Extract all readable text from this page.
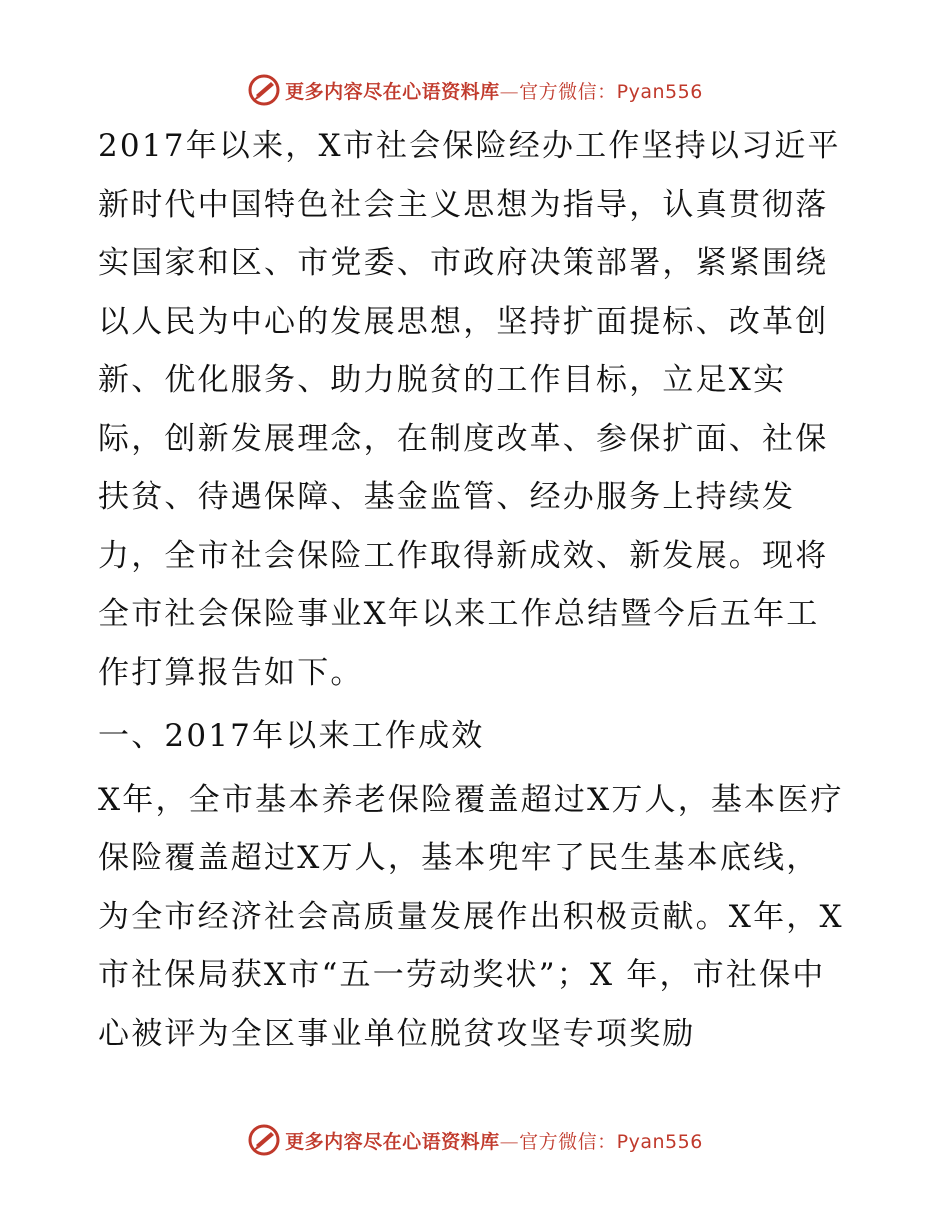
更多内容尽在心语资料库—官方微信：Pyan556

2017年以来，X市社会保险经办工作坚持以习近平新时代中国特色社会主义思想为指导，认真贯彻落实国家和区、市党委、市政府决策部署，紧紧围绕以人民为中心的发展思想，坚持扩面提标、改革创新、优化服务、助力脱贫的工作目标，立足X实际，创新发展理念，在制度改革、参保扩面、社保扶贫、待遇保障、基金监管、经办服务上持续发力，全市社会保险工作取得新成效、新发展。现将全市社会保险事业X年以来工作总结暨今后五年工作打算报告如下。

一、2017年以来工作成效

X年，全市基本养老保险覆盖超过X万人，基本医疗保险覆盖超过X万人，基本兜牢了民生基本底线，为全市经济社会高质量发展作出积极贡献。X年，X市社保局获X市“五一劳动奖状”；X 年，市社保中心被评为全区事业单位脱贫攻坚专项奖励

更多内容尽在心语资料库—官方微信：Pyan556
